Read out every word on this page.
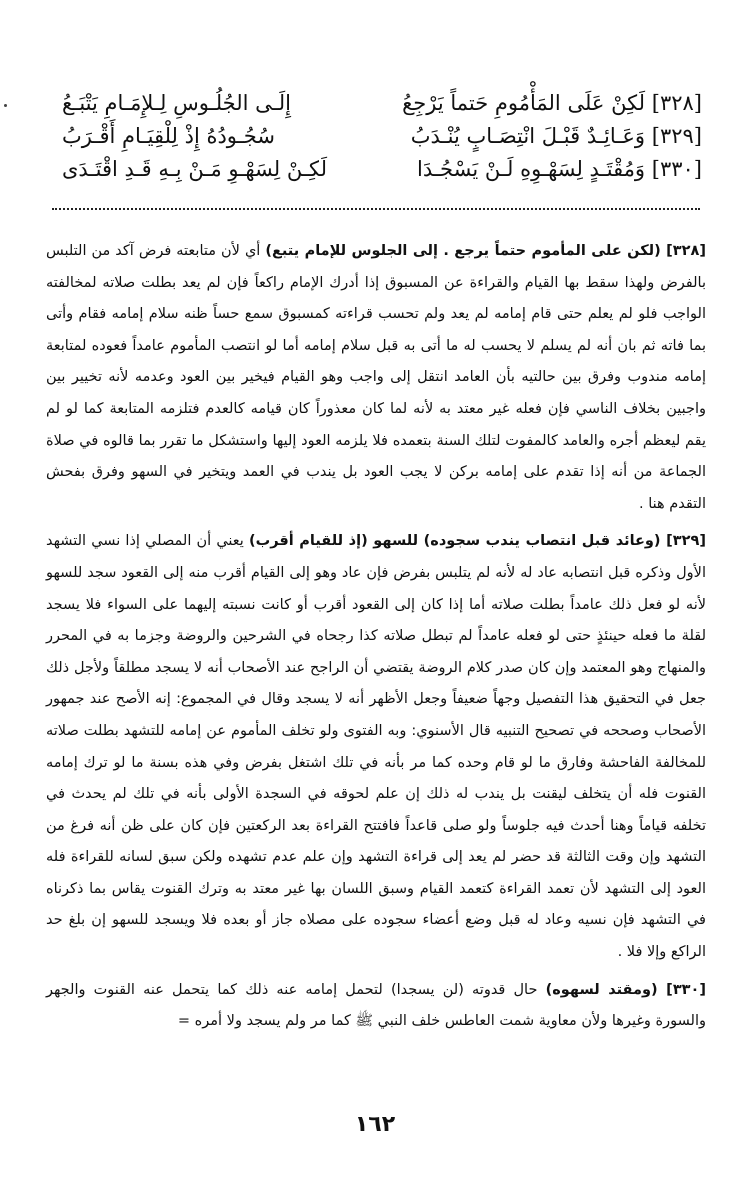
[٣٢٨] لَكِنْ عَلَى المَأْمُومِ حَتماً يَرْجِعُ
إِلَـى الجُلُـوسِ لِـلإِمَـامِ يَتْبَـعُ
[٣٢٩] وَعَـائِـدٌ قَبْـلَ انْتِصَـابٍ يُنْـدَبُ
سُجُـودُهُ إِذْ لِلْقِيَـامِ أَقْـرَبُ
[٣٣٠] وَمُقْتَـدٍ لِسَهْـوِهِ لَـنْ يَسْجُـدَا
لَكِـنْ لِسَهْـوِ مَـنْ بِـهِ قَـدِ اقْتَـدَى

[٣٢٨] (لكن على المأموم حتماً يرجع . إلى الجلوس للإمام يتبع) أي لأن متابعته فرض آكد من التلبس بالفرض ولهذا سقط بها القيام والقراءة عن المسبوق إذا أدرك الإمام راكعاً فإن لم يعد بطلت صلاته لمخالفته الواجب فلو لم يعلم حتى قام إمامه لم يعد ولم تحسب قراءته كمسبوق سمع حساً ظنه سلام إمامه فقام وأتى بما فاته ثم بان أنه لم يسلم لا يحسب له ما أتى به قبل سلام إمامه أما لو انتصب المأموم عامداً فعوده لمتابعة إمامه مندوب وفرق بين حالتيه بأن العامد انتقل إلى واجب وهو القيام فيخير بين العود وعدمه لأنه تخيير بين واجبين بخلاف الناسي فإن فعله غير معتد به لأنه لما كان معذوراً كان قيامه كالعدم فتلزمه المتابعة كما لو لم يقم ليعظم أجره والعامد كالمفوت لتلك السنة بتعمده فلا يلزمه العود إليها واستشكل ما تقرر بما قالوه في صلاة الجماعة من أنه إذا تقدم على إمامه بركن لا يجب العود بل يندب في العمد ويتخير في السهو وفرق بفحش التقدم هنا .

[٣٢٩] (وعائد قبل انتصاب يندب سجوده) للسهو (إذ للقيام أقرب) يعني أن المصلي إذا نسي التشهد الأول وذكره قبل انتصابه عاد له لأنه لم يتلبس بفرض فإن عاد وهو إلى القيام أقرب منه إلى القعود سجد للسهو لأنه لو فعل ذلك عامداً بطلت صلاته أما إذا كان إلى القعود أقرب أو كانت نسبته إليهما على السواء فلا يسجد لقلة ما فعله حينئذٍ حتى لو فعله عامداً لم تبطل صلاته كذا رجحاه في الشرحين والروضة وجزما به في المحرر والمنهاج وهو المعتمد وإن كان صدر كلام الروضة يقتضي أن الراجح عند الأصحاب أنه لا يسجد مطلقاً ولأجل ذلك جعل في التحقيق هذا التفصيل وجهاً ضعيفاً وجعل الأظهر أنه لا يسجد وقال في المجموع: إنه الأصح عند جمهور الأصحاب وصححه في تصحيح التنبيه قال الأسنوي: وبه الفتوى ولو تخلف المأموم عن إمامه للتشهد بطلت صلاته للمخالفة الفاحشة وفارق ما لو قام وحده كما مر بأنه في تلك اشتغل بفرض وفي هذه بسنة ما لو ترك إمامه القنوت فله أن يتخلف ليقنت بل يندب له ذلك إن علم لحوقه في السجدة الأولى بأنه في تلك لم يحدث في تخلفه قياماً وهنا أحدث فيه جلوساً ولو صلى قاعداً فافتتح القراءة بعد الركعتين فإن كان على ظن أنه فرغ من التشهد وإن وقت الثالثة قد حضر لم يعد إلى قراءة التشهد وإن علم عدم تشهده ولكن سبق لسانه للقراءة فله العود إلى التشهد لأن تعمد القراءة كتعمد القيام وسبق اللسان بها غير معتد به وترك القنوت يقاس بما ذكرناه في التشهد فإن نسيه وعاد له قبل وضع أعضاء سجوده على مصلاه جاز أو بعده فلا ويسجد للسهو إن بلغ حد الراكع وإلا فلا .

[٣٣٠] (ومقتد لسهوه) حال قدوته (لن يسجدا) لتحمل إمامه عنه ذلك كما يتحمل عنه القنوت والجهر والسورة وغيرها ولأن معاوية شمت العاطس خلف النبي ﷺ كما مر ولم يسجد ولا أمره =

١٦٢
